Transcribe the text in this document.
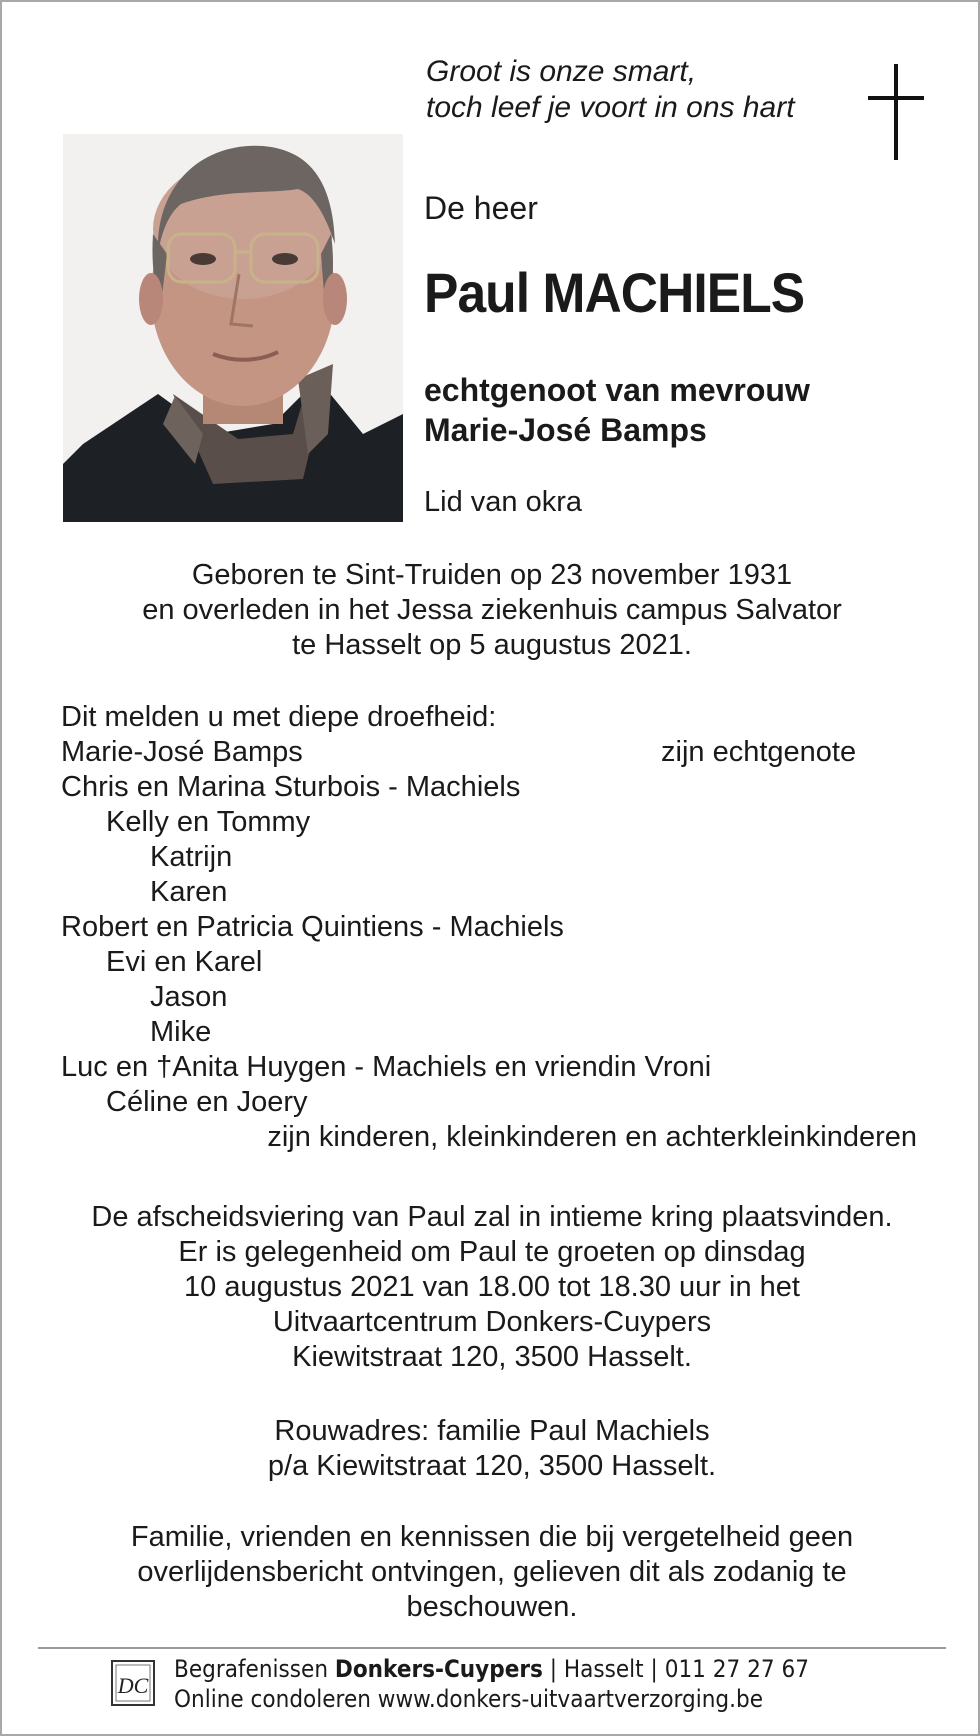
Groot is onze smart,
toch leef je voort in ons hart
De heer
Paul MACHIELS
echtgenoot van mevrouw
Marie-José Bamps
Lid van okra
Geboren te Sint-Truiden op 23 november 1931
en overleden in het Jessa ziekenhuis campus Salvator
te Hasselt op 5 augustus 2021.
Dit melden u met diepe droefheid:
Marie-José Bamps	zijn echtgenote
Chris en Marina Sturbois - Machiels
Kelly en Tommy
Katrijn
Karen
Robert en Patricia Quintiens - Machiels
Evi en Karel
Jason
Mike
Luc en †Anita Huygen - Machiels en vriendin Vroni
Céline en Joery
zijn kinderen, kleinkinderen en achterkleinkinderen
De afscheidsviering van Paul zal in intieme kring plaatsvinden.
Er is gelegenheid om Paul te groeten op dinsdag
10 augustus 2021 van 18.00 tot 18.30 uur in het
Uitvaartcentrum Donkers-Cuypers
Kiewitstraat 120, 3500 Hasselt.
Rouwadres: familie Paul Machiels
p/a Kiewitstraat 120, 3500 Hasselt.
Familie, vrienden en kennissen die bij vergetelheid geen
overlijdensbericht ontvingen, gelieven dit als zodanig te
beschouwen.
DC
Begrafenissen Donkers-Cuypers | Hasselt | 011 27 27 67
Online condoleren www.donkers-uitvaartverzorging.be
